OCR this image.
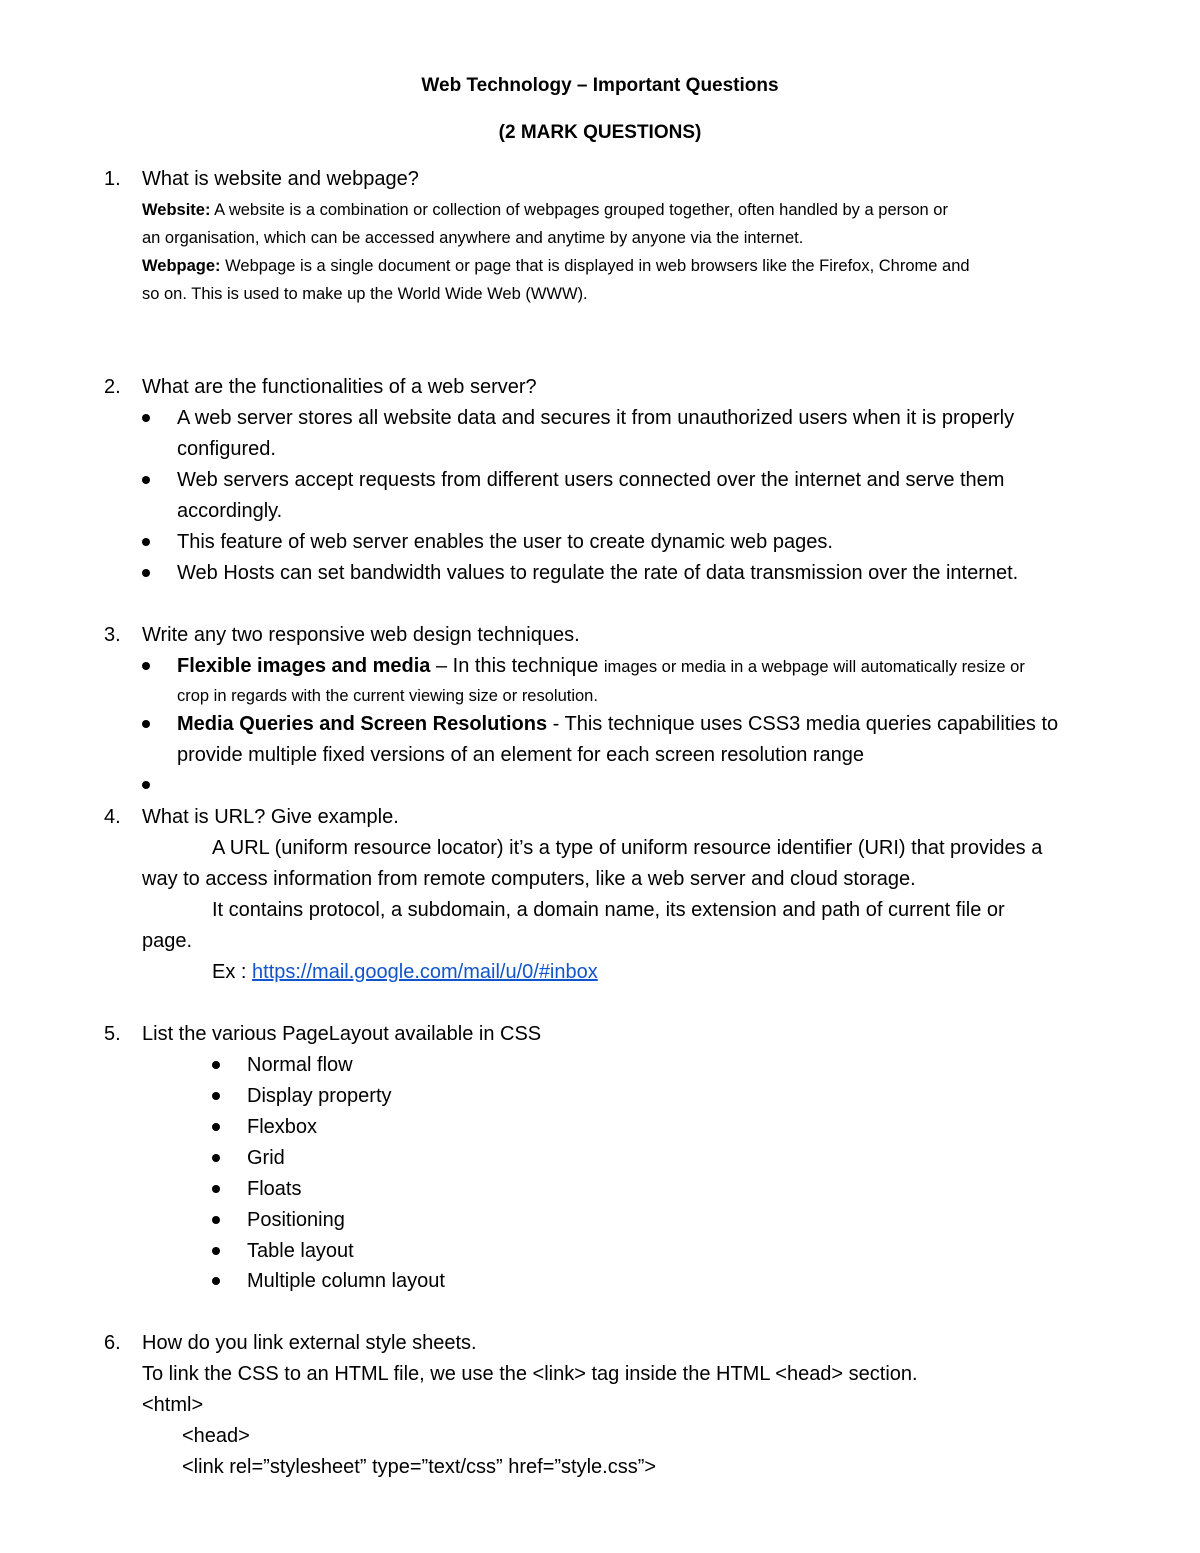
Web Technology – Important Questions
(2 MARK QUESTIONS)
1. What is website and webpage?
Website: A website is a combination or collection of webpages grouped together, often handled by a person or
an organisation, which can be accessed anywhere and anytime by anyone via the internet.
Webpage: Webpage is a single document or page that is displayed in web browsers like the Firefox, Chrome and
so on. This is used to make up the World Wide Web (WWW).
2. What are the functionalities of a web server?
A web server stores all website data and secures it from unauthorized users when it is properly
configured.
Web servers accept requests from different users connected over the internet and serve them
accordingly.
This feature of web server enables the user to create dynamic web pages.
Web Hosts can set bandwidth values to regulate the rate of data transmission over the internet.
3. Write any two responsive web design techniques.
Flexible images and media – In this technique images or media in a webpage will automatically resize or
crop in regards with the current viewing size or resolution.
Media Queries and Screen Resolutions - This technique uses CSS3 media queries capabilities to
provide multiple fixed versions of an element for each screen resolution range
4. What is URL? Give example.
A URL (uniform resource locator) it’s a type of uniform resource identifier (URI) that provides a
way to access information from remote computers, like a web server and cloud storage.
It contains protocol, a subdomain, a domain name, its extension and path of current file or
page.
Ex : https://mail.google.com/mail/u/0/#inbox
5. List the various PageLayout available in CSS
Normal flow
Display property
Flexbox
Grid
Floats
Positioning
Table layout
Multiple column layout
6. How do you link external style sheets.
To link the CSS to an HTML file, we use the <link> tag inside the HTML <head> section.
<html>
<head>
<link rel=”stylesheet” type=”text/css” href=”style.css”>
